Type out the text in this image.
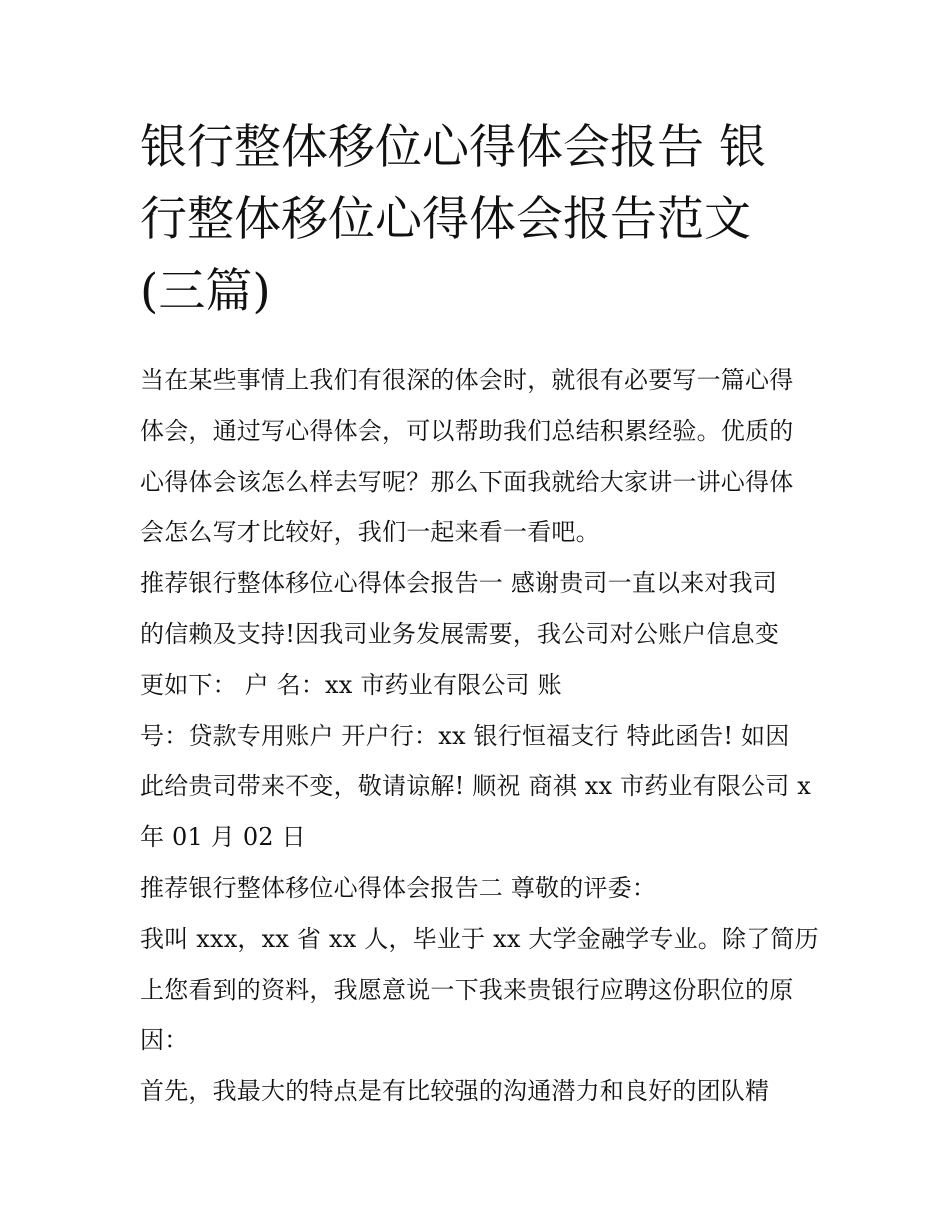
银行整体移位心得体会报告 银
行整体移位心得体会报告范文
(三篇)
当在某些事情上我们有很深的体会时，就很有必要写一篇心得
体会，通过写心得体会，可以帮助我们总结积累经验。优质的
心得体会该怎么样去写呢？那么下面我就给大家讲一讲心得体
会怎么写才比较好，我们一起来看一看吧。
推荐银行整体移位心得体会报告一 感谢贵司一直以来对我司
的信赖及支持!因我司业务发展需要，我公司对公账户信息变
更如下： 户 名：xx 市药业有限公司 账
号：贷款专用账户 开户行：xx 银行恒福支行 特此函告! 如因
此给贵司带来不变，敬请谅解! 顺祝 商祺 xx 市药业有限公司 x
年 01 月 02 日
推荐银行整体移位心得体会报告二 尊敬的评委：
我叫 xxx，xx 省 xx 人，毕业于 xx 大学金融学专业。除了简历
上您看到的资料，我愿意说一下我来贵银行应聘这份职位的原
因：
首先，我最大的特点是有比较强的沟通潜力和良好的团队精
